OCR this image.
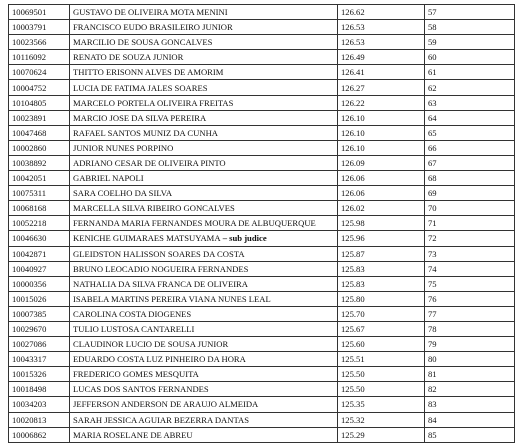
10069501	GUSTAVO DE OLIVEIRA MOTA MENINI	126.62	57
10003791	FRANCISCO EUDO BRASILEIRO JUNIOR	126.53	58
10023566	MARCILIO DE SOUSA GONCALVES	126.53	59
10116092	RENATO DE SOUZA JUNIOR	126.49	60
10070624	THITTO ERISONN ALVES DE AMORIM	126.41	61
10004752	LUCIA DE FATIMA JALES SOARES	126.27	62
10104805	MARCELO PORTELA OLIVEIRA FREITAS	126.22	63
10023891	MARCIO JOSE DA SILVA PEREIRA	126.10	64
10047468	RAFAEL SANTOS MUNIZ DA CUNHA	126.10	65
10002860	JUNIOR NUNES PORPINO	126.10	66
10038892	ADRIANO CESAR DE OLIVEIRA PINTO	126.09	67
10042051	GABRIEL NAPOLI	126.06	68
10075311	SARA COELHO DA SILVA	126.06	69
10068168	MARCELLA SILVA RIBEIRO GONCALVES	126.02	70
10052218	FERNANDA MARIA FERNANDES MOURA DE ALBUQUERQUE	125.98	71
10046630	KENICHE GUIMARAES MATSUYAMA – sub judice	125.96	72
10042871	GLEIDSTON HALISSON SOARES DA COSTA	125.87	73
10040927	BRUNO LEOCADIO NOGUEIRA FERNANDES	125.83	74
10000356	NATHALIA DA SILVA FRANCA DE OLIVEIRA	125.83	75
10015026	ISABELA MARTINS PEREIRA VIANA NUNES LEAL	125.80	76
10007385	CAROLINA COSTA DIOGENES	125.70	77
10029670	TULIO LUSTOSA CANTARELLI	125.67	78
10027086	CLAUDINOR LUCIO DE SOUSA JUNIOR	125.60	79
10043317	EDUARDO COSTA LUZ PINHEIRO DA HORA	125.51	80
10015326	FREDERICO GOMES MESQUITA	125.50	81
10018498	LUCAS DOS SANTOS FERNANDES	125.50	82
10034203	JEFFERSON ANDERSON DE ARAUJO ALMEIDA	125.35	83
10020813	SARAH JESSICA AGUIAR BEZERRA DANTAS	125.32	84
10006862	MARIA ROSELANE DE ABREU	125.29	85
